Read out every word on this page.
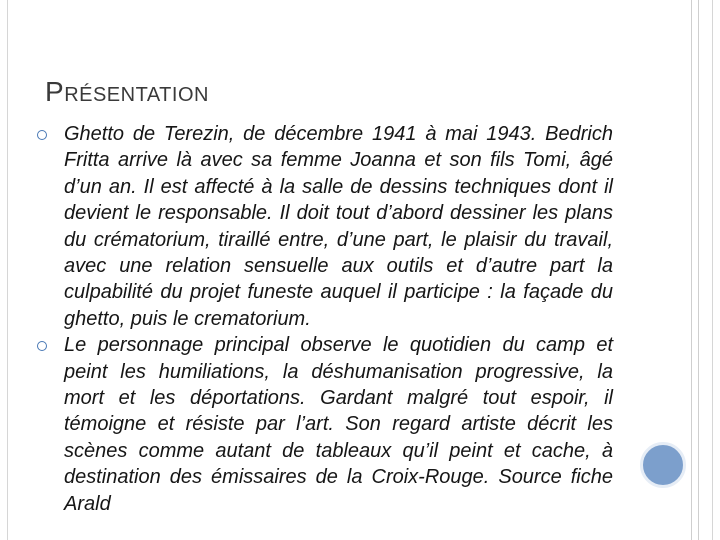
PRÉSENTATION
Ghetto de Terezin, de décembre 1941 à mai 1943. Bedrich Fritta arrive là avec sa femme Joanna et son fils Tomi, âgé d’un an. Il est affecté à la salle de dessins techniques dont il devient le responsable. Il doit tout d’abord dessiner les plans du crématorium, tiraillé entre, d’une part, le plaisir du travail, avec une relation sensuelle aux outils et d’autre part la culpabilité du projet funeste auquel il participe : la façade du ghetto, puis le crematorium.
Le personnage principal observe le quotidien du camp et peint les humiliations, la déshumanisation progressive, la mort et les déportations. Gardant malgré tout espoir, il témoigne et résiste par l’art. Son regard artiste décrit les scènes comme autant de tableaux qu’il peint et cache, à destination des émissaires de la Croix-Rouge. Source fiche Arald
